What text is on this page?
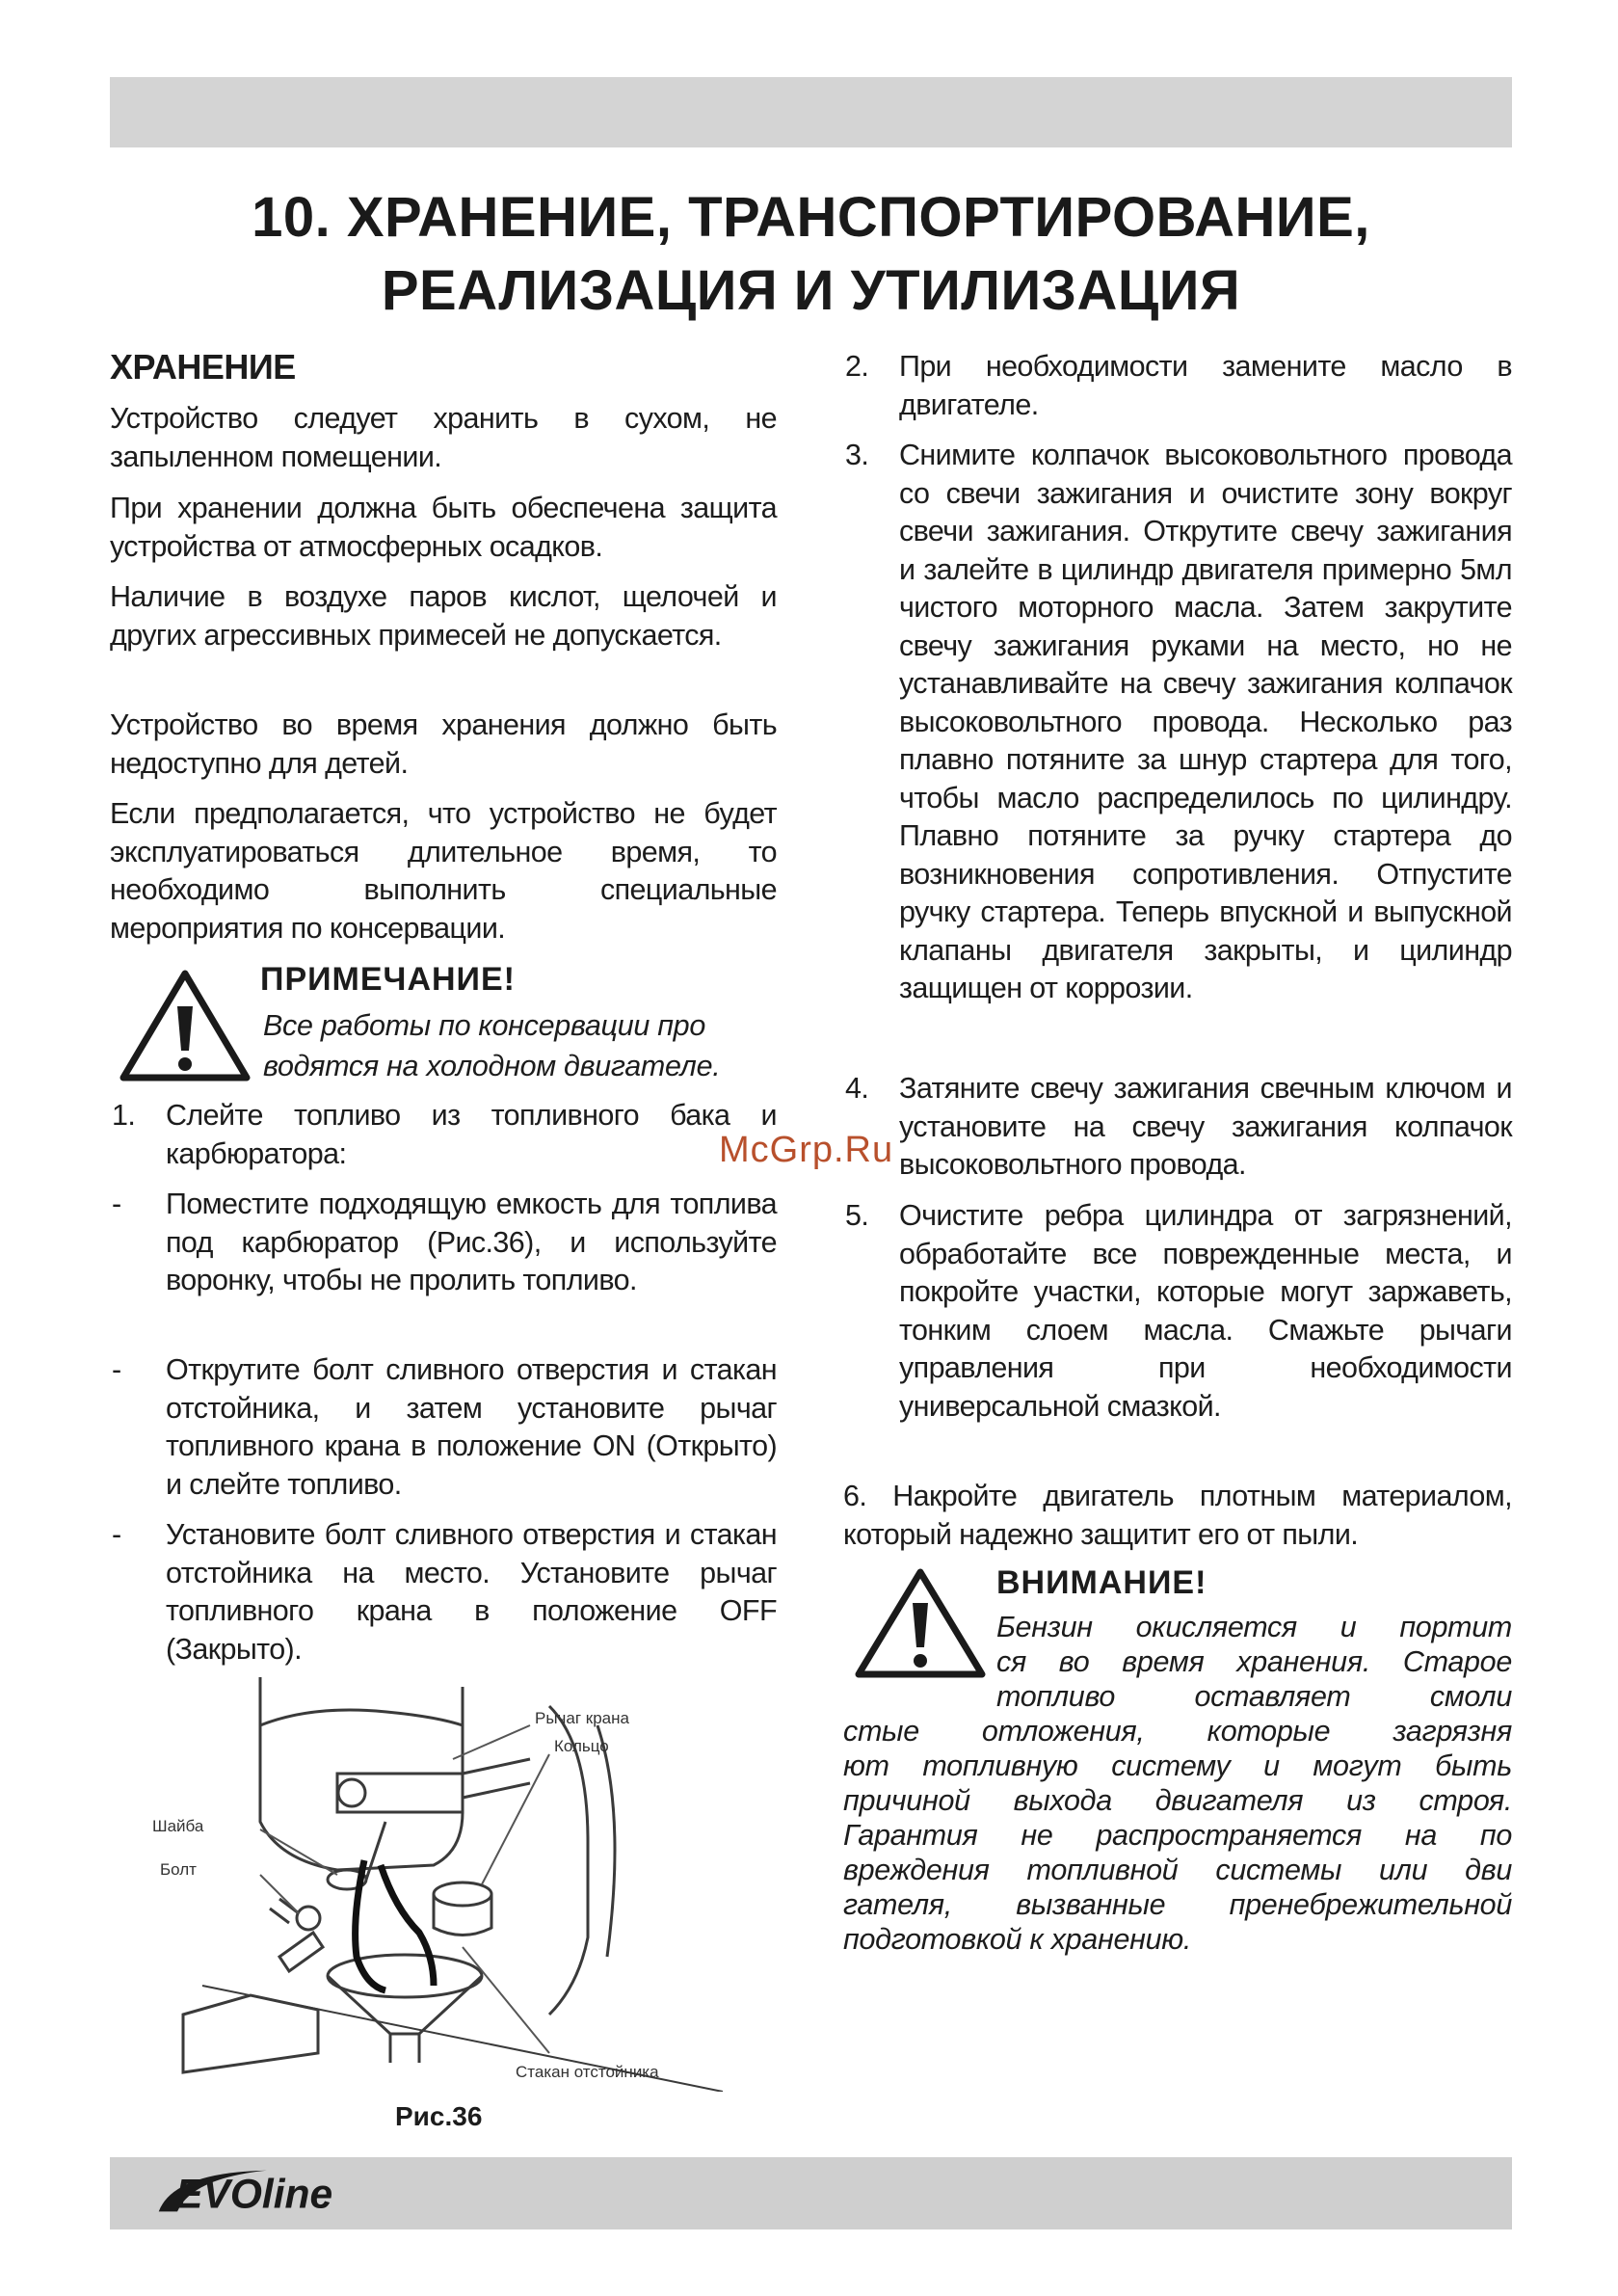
10. ХРАНЕНИЕ, ТРАНСПОРТИРОВАНИЕ,
РЕАЛИЗАЦИЯ И УТИЛИЗАЦИЯ
ХРАНЕНИЕ
Устройство следует хранить в сухом, не запыленном помещении.
При хранении должна быть обеспечена защита устройства от атмосферных осадков.
Наличие в воздухе паров кислот, щелочей и других агрессивных примесей не допускается.
Устройство во время хранения должно быть недоступно для детей.
Если предполагается, что устройство не будет эксплуатироваться длительное время, то необходимо выполнить специальные мероприятия по консервации.
ПРИМЕЧАНИЕ!
Все работы по консервации про
водятся на холодном двигателе.
1. Слейте топливо из топливного бака и карбюратора:
- Поместите подходящую емкость для топлива под карбюратор (Рис.36), и используйте воронку, чтобы не пролить топливо.
- Открутите болт сливного отверстия и стакан отстойника, и затем установите рычаг топливного крана в положение ON (Открыто) и слейте топливо.
- Установите болт сливного отверстия и стакан отстойника на место. Установите рычаг топливного крана в положение OFF (Закрыто).
Рычаг крана
Кольцо
Шайба
Болт
Стакан отстойника
Рис.36
2. При необходимости замените масло в двигателе.
3. Снимите колпачок высоковольтного провода со свечи зажигания и очистите зону вокруг свечи зажигания. Открутите свечу зажигания и залейте в цилиндр двигателя примерно 5мл чистого моторного масла. Затем закрутите свечу зажигания руками на место, но не устанавливайте на свечу зажигания колпачок высоковольтного провода. Несколько раз плавно потяните за шнур стартера для того, чтобы масло распределилось по цилиндру. Плавно потяните за ручку стартера до возникновения сопротивления. Отпустите ручку стартера. Теперь впускной и выпускной клапаны двигателя закрыты, и цилиндр защищен от коррозии.
4. Затяните свечу зажигания свечным ключом и установите на свечу зажигания колпачок высоковольтного провода.
5. Очистите ребра цилиндра от загрязнений, обработайте все поврежденные места, и покройте участки, которые могут заржаветь, тонким слоем масла. Смажьте рычаги управления при необходимости универсальной смазкой.
6. Накройте двигатель плотным материалом, который надежно защитит его от пыли.
ВНИМАНИЕ!
Бензин окисляется и портит
ся во время хранения. Старое
топливо оставляет смоли
стые отложения, которые загрязня
ют топливную систему и могут быть
причиной выхода двигателя из строя.
Гарантия не распространяется на по
вреждения топливной системы или дви
гателя, вызванные пренебрежительной
подготовкой к хранению.
McGrp.Ru
EVOline
